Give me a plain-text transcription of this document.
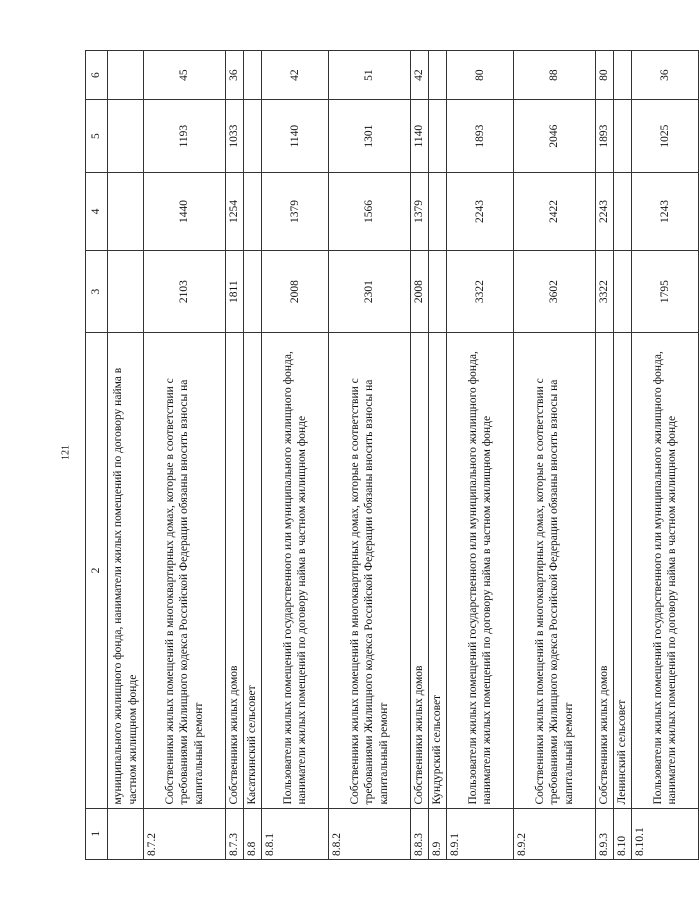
121
1	2	3	4	5	6
	муниципального жилищного фонда, наниматели жилых помещений по договору найма в частном жилищном фонде				
8.7.2	Собственники жилых помещений в многоквартирных домах, которые в соответствии с требованиями Жилищного кодекса Российской Федерации обязаны вносить взносы на капитальный ремонт	2103	1440	1193	45
8.7.3	Собственники жилых домов	1811	1254	1033	36
8.8	Касаткинский сельсовет				
8.8.1	Пользователи жилых помещений государственного или муниципального жилищного фонда, наниматели жилых помещений по договору найма в частном жилищном фонде	2008	1379	1140	42
8.8.2	Собственники жилых помещений в многоквартирных домах, которые в соответствии с требованиями Жилищного кодекса Российской Федерации обязаны вносить взносы на капитальный ремонт	2301	1566	1301	51
8.8.3	Собственники жилых домов	2008	1379	1140	42
8.9	Кундурский сельсовет				
8.9.1	Пользователи жилых помещений государственного или муниципального жилищного фонда, наниматели жилых помещений по договору найма в частном жилищном фонде	3322	2243	1893	80
8.9.2	Собственники жилых помещений в многоквартирных домах, которые в соответствии с требованиями Жилищного кодекса Российской Федерации обязаны вносить взносы на капитальный ремонт	3602	2422	2046	88
8.9.3	Собственники жилых домов	3322	2243	1893	80
8.10	Ленинский сельсовет				
8.10.1	Пользователи жилых помещений государственного или муниципального жилищного фонда, наниматели жилых помещений по договору найма в частном жилищном фонде	1795	1243	1025	36
